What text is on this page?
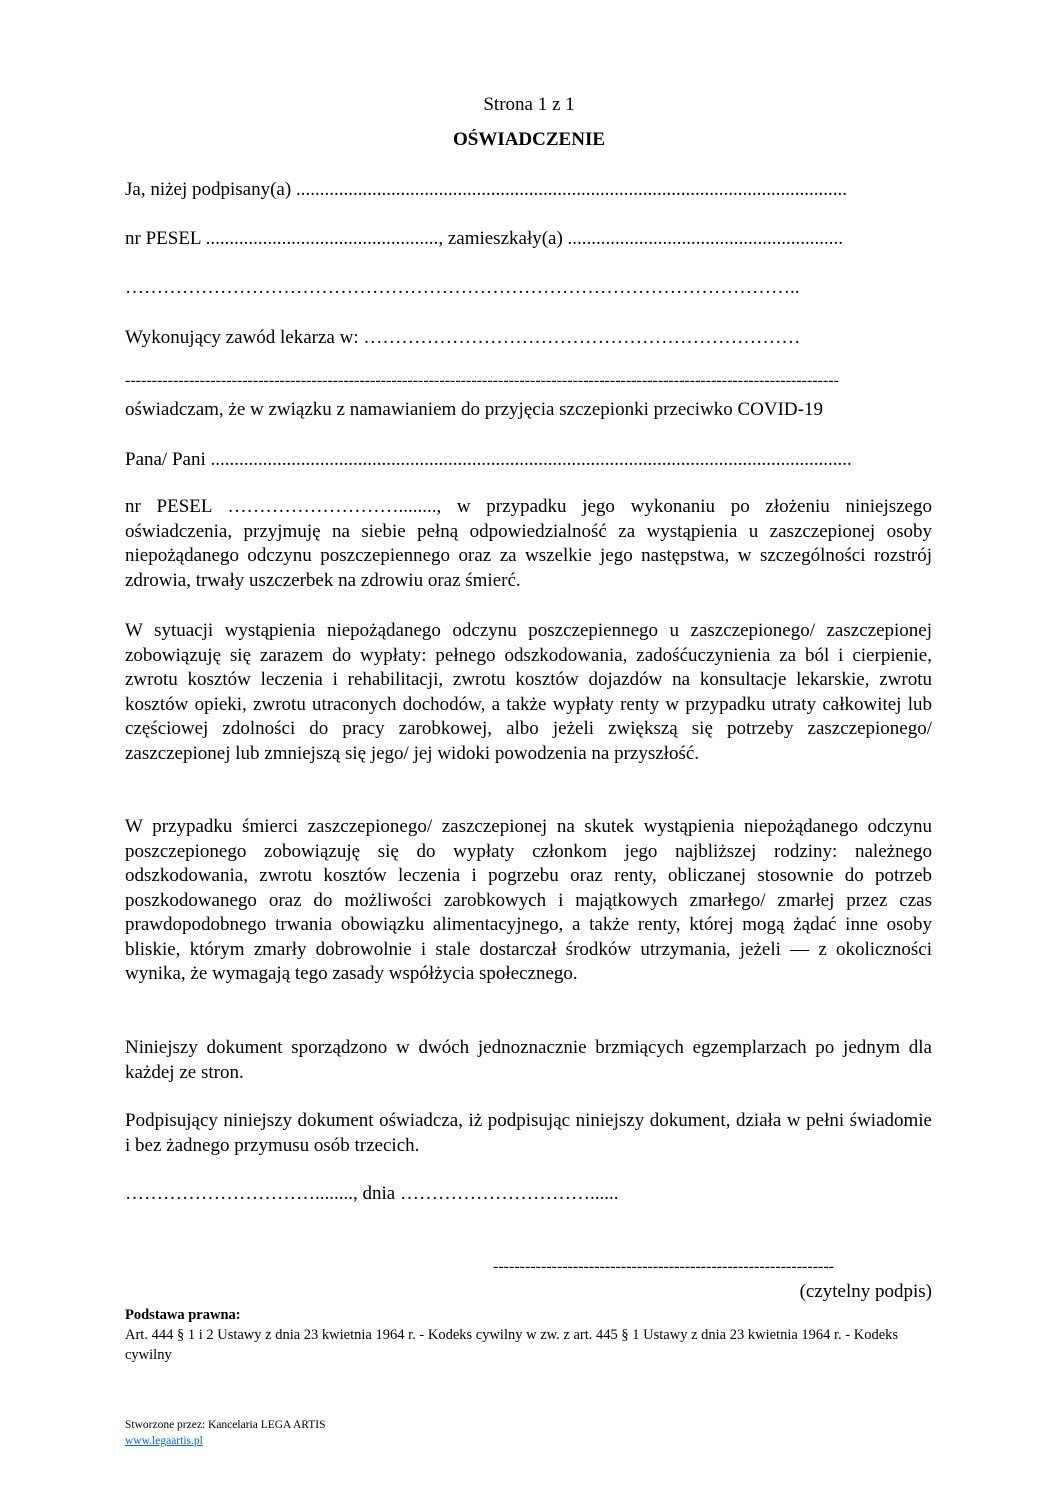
Strona 1 z 1
OŚWIADCZENIE
Ja, niżej podpisany(a) ....................................................................................................................
nr PESEL ................................................., zamieszkały(a) ..........................................................
……………………………………………………………………………………………..
Wykonujący zawód lekarza w: ……………………………………………………………
--------------------------------------------------------------------------------------------------------------------------------------
oświadczam, że w związku z namawianiem do przyjęcia szczepionki przeciwko COVID-19
Pana/ Pani .......................................................................................................................................
nr PESEL ………………………........, w przypadku jego wykonaniu po złożeniu niniejszego oświadczenia, przyjmuję na siebie pełną odpowiedzialność za wystąpienia u zaszczepionej osoby niepożądanego odczynu poszczepiennego oraz za wszelkie jego następstwa, w szczególności rozstrój zdrowia, trwały uszczerbek na zdrowiu oraz śmierć.
W sytuacji wystąpienia niepożądanego odczynu poszczepiennego u zaszczepionego/ zaszczepionej zobowiązuję się zarazem do wypłaty: pełnego odszkodowania, zadośćuczynienia za ból i cierpienie, zwrotu kosztów leczenia i rehabilitacji, zwrotu kosztów dojazdów na konsultacje lekarskie, zwrotu kosztów opieki, zwrotu utraconych dochodów, a także wypłaty renty w przypadku utraty całkowitej lub częściowej zdolności do pracy zarobkowej, albo jeżeli zwiększą się potrzeby zaszczepionego/ zaszczepionej lub zmniejszą się jego/ jej widoki powodzenia na przyszłość.
W przypadku śmierci zaszczepionego/ zaszczepionej na skutek wystąpienia niepożądanego odczynu poszczepionego zobowiązuję się do wypłaty członkom jego najbliższej rodziny: należnego odszkodowania, zwrotu kosztów leczenia i pogrzebu oraz renty, obliczanej stosownie do potrzeb poszkodowanego oraz do możliwości zarobkowych i majątkowych zmarłego/ zmarłej przez czas prawdopodobnego trwania obowiązku alimentacyjnego, a także renty, której mogą żądać inne osoby bliskie, którym zmarły dobrowolnie i stale dostarczał środków utrzymania, jeżeli — z okoliczności wynika, że wymagają tego zasady współżycia społecznego.
Niniejszy dokument sporządzono w dwóch jednoznacznie brzmiących egzemplarzach po jednym dla każdej ze stron.
Podpisujący niniejszy dokument oświadcza, iż podpisując niniejszy dokument, działa w pełni świadomie i bez żadnego przymusu osób trzecich.
…………………………........, dnia …………………………......
----------------------------------------------------------------
(czytelny podpis)
Podstawa prawna:
Art. 444 § 1 i 2 Ustawy z dnia 23 kwietnia 1964 r. - Kodeks cywilny w zw. z art. 445 § 1 Ustawy z dnia 23 kwietnia 1964 r. - Kodeks cywilny
Stworzone przez: Kancelaria LEGA ARTIS
www.legaartis.pl
